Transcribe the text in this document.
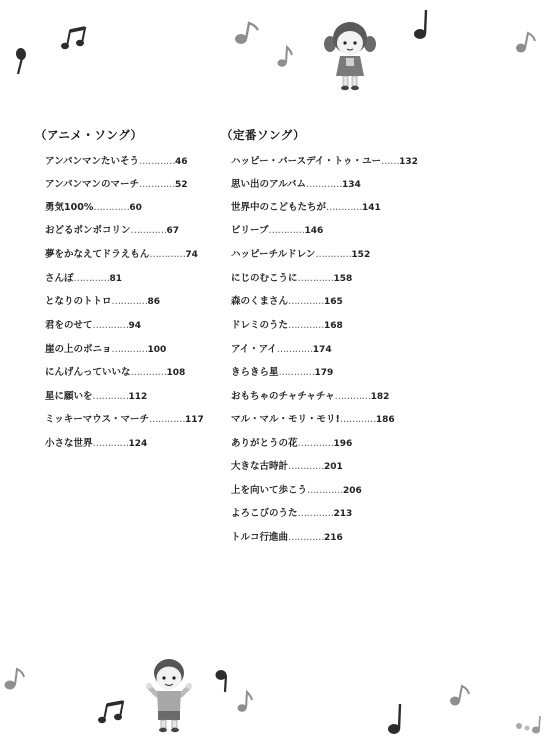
（アニメ・ソング）
アンパンマンたいそう…………46
アンパンマンのマーチ…………52
勇気100%…………60
おどるポンポコリン…………67
夢をかなえてドラえもん…………74
さんぽ…………81
となりのトトロ…………86
君をのせて…………94
崖の上のポニョ…………100
にんげんっていいな…………108
星に願いを…………112
ミッキーマウス・マーチ…………117
小さな世界…………124
（定番ソング）
ハッピー・バースデイ・トゥ・ユー……132
思い出のアルバム…………134
世界中のこどもたちが…………141
ビリーブ…………146
ハッピーチルドレン…………152
にじのむこうに…………158
森のくまさん…………165
ドレミのうた…………168
アイ・アイ…………174
きらきら星…………179
おもちゃのチャチャチャ…………182
マル・マル・モリ・モリ!…………186
ありがとうの花…………196
大きな古時計…………201
上を向いて歩こう…………206
よろこびのうた…………213
トルコ行進曲…………216
